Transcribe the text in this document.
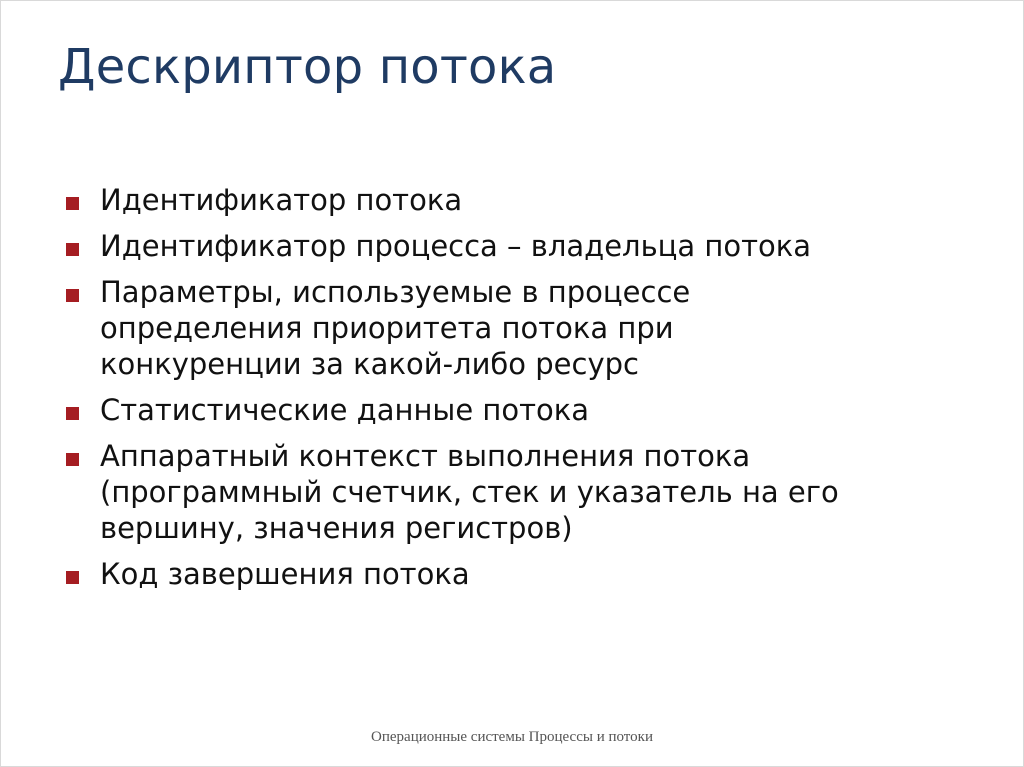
Дескриптор потока
Идентификатор потока
Идентификатор процесса – владельца потока
Параметры, используемые в процессе
определения приоритета потока при
конкуренции за какой-либо ресурс
Статистические данные потока
Аппаратный контекст выполнения потока
(программный счетчик, стек и указатель на его
вершину, значения регистров)
Код завершения потока
Операционные системы Процессы и потоки
